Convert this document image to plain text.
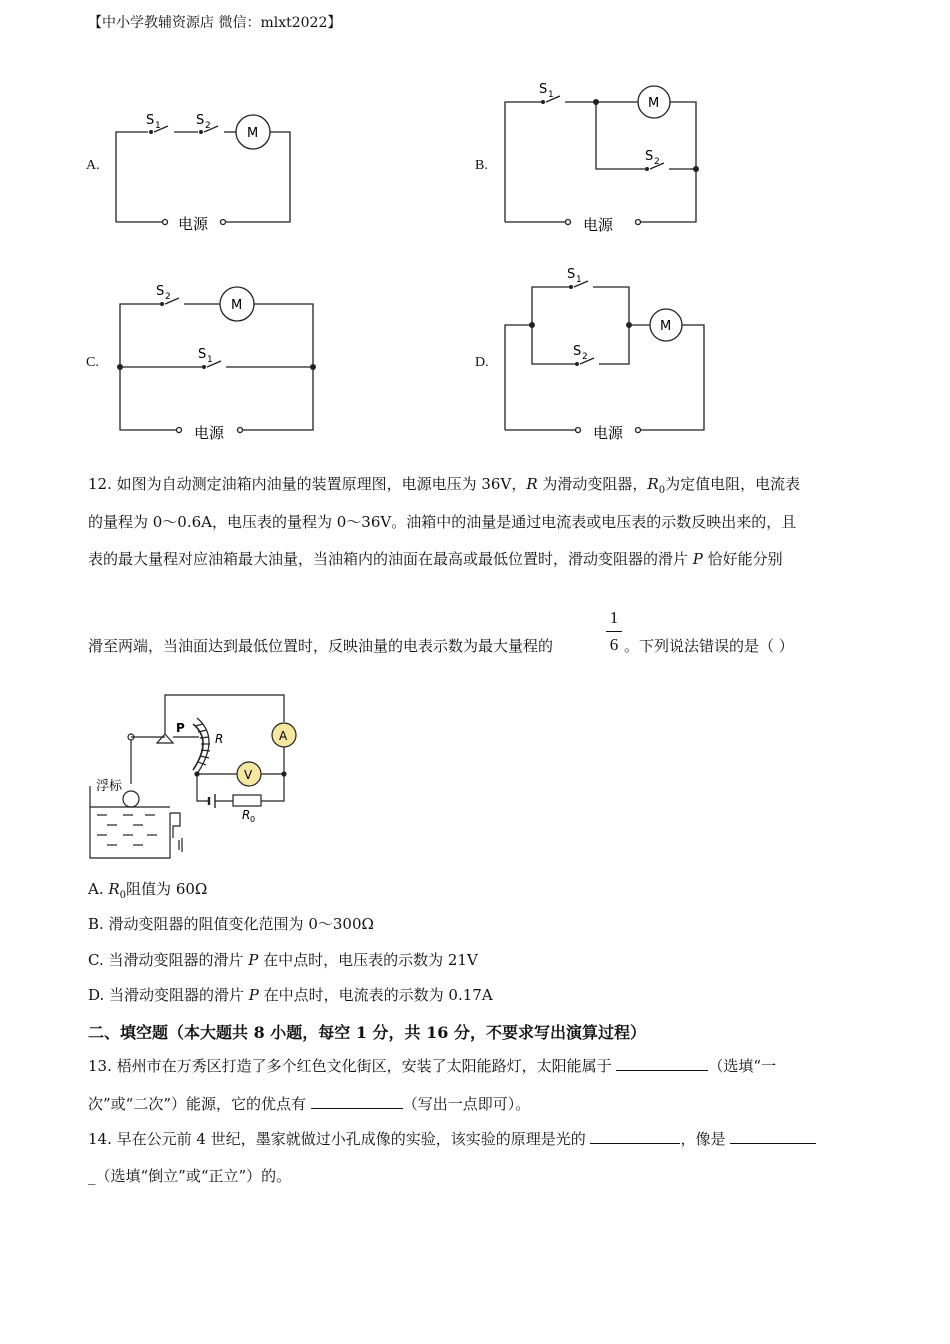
【中小学教辅资源店 微信：mlxt2022】
A.
S 1	S 2	M
电源
B.
S 1
S 2
M
电源
C.
S 2
S 1
M
电源
D.
S 1
S 2
M
电源
12. 如图为自动测定油箱内油量的装置原理图，电源电压为 36V，R 为滑动变阻器，$R_0$为定值电阻，电流表
的量程为 0～0.6A，电压表的量程为 0～36V。油箱中的油量是通过电流表或电压表的示数反映出来的，且
表的最大量程对应油箱最大油量，当油箱内的油面在最高或最低位置时，滑动变阻器的滑片 P 恰好能分别
滑至两端，当油面达到最低位置时，反映油量的电表示数为最大量程的
1
6 。下列说法错误的是（ ）
P
R	A
V
R 0
浮标
A. $R_0$阻值为 60Ω
B. 滑动变阻器的阻值变化范围为 0～300Ω
C. 当滑动变阻器的滑片 P 在中点时，电压表的示数为 21V
D. 当滑动变阻器的滑片 P 在中点时，电流表的示数为 0.17A
二、填空题（本大题共 8 小题，每空 1 分，共 16 分，不要求写出演算过程）
13. 梧州市在万秀区打造了多个红色文化街区，安装了太阳能路灯，太阳能属于	（选填“一
次”或“二次”）能源，它的优点有	（写出一点即可）。
14. 早在公元前 4 世纪，墨家就做过小孔成像的实验，该实验的原理是光的	，像是
_（选填“倒立”或“正立”）的。
